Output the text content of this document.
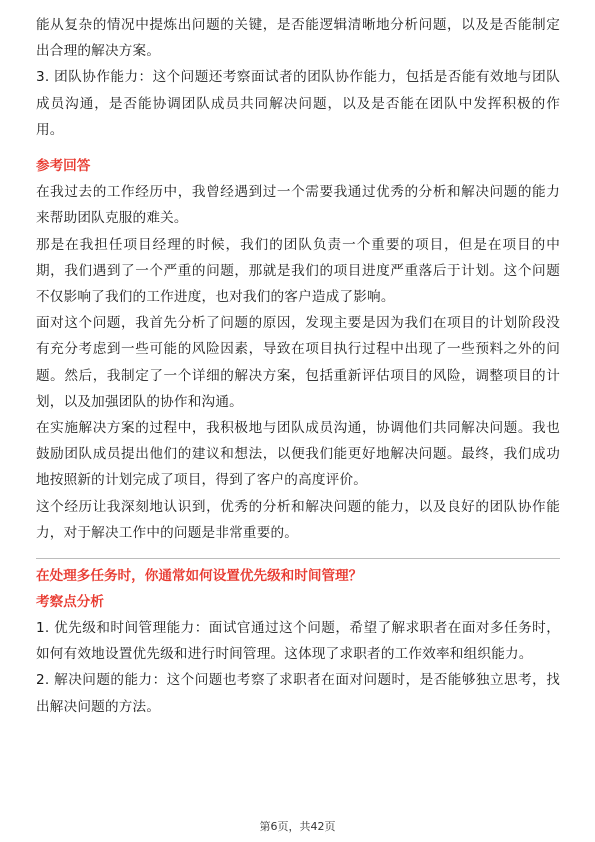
能从复杂的情况中提炼出问题的关键，是否能逻辑清晰地分析问题，以及是否能制定出合理的解决方案。

3. 团队协作能力：这个问题还考察面试者的团队协作能力，包括是否能有效地与团队成员沟通，是否能协调团队成员共同解决问题，以及是否能在团队中发挥积极的作用。

参考回答

在我过去的工作经历中，我曾经遇到过一个需要我通过优秀的分析和解决问题的能力来帮助团队克服的难关。

那是在我担任项目经理的时候，我们的团队负责一个重要的项目，但是在项目的中期，我们遇到了一个严重的问题，那就是我们的项目进度严重落后于计划。这个问题不仅影响了我们的工作进度，也对我们的客户造成了影响。

面对这个问题，我首先分析了问题的原因，发现主要是因为我们在项目的计划阶段没有充分考虑到一些可能的风险因素，导致在项目执行过程中出现了一些预料之外的问题。然后，我制定了一个详细的解决方案，包括重新评估项目的风险，调整项目的计划，以及加强团队的协作和沟通。

在实施解决方案的过程中，我积极地与团队成员沟通，协调他们共同解决问题。我也鼓励团队成员提出他们的建议和想法，以便我们能更好地解决问题。最终，我们成功地按照新的计划完成了项目，得到了客户的高度评价。

这个经历让我深刻地认识到，优秀的分析和解决问题的能力，以及良好的团队协作能力，对于解决工作中的问题是非常重要的。

在处理多任务时，你通常如何设置优先级和时间管理？

考察点分析

1. 优先级和时间管理能力：面试官通过这个问题，希望了解求职者在面对多任务时，如何有效地设置优先级和进行时间管理。这体现了求职者的工作效率和组织能力。

2. 解决问题的能力：这个问题也考察了求职者在面对问题时，是否能够独立思考，找出解决问题的方法。

第6页，共42页
